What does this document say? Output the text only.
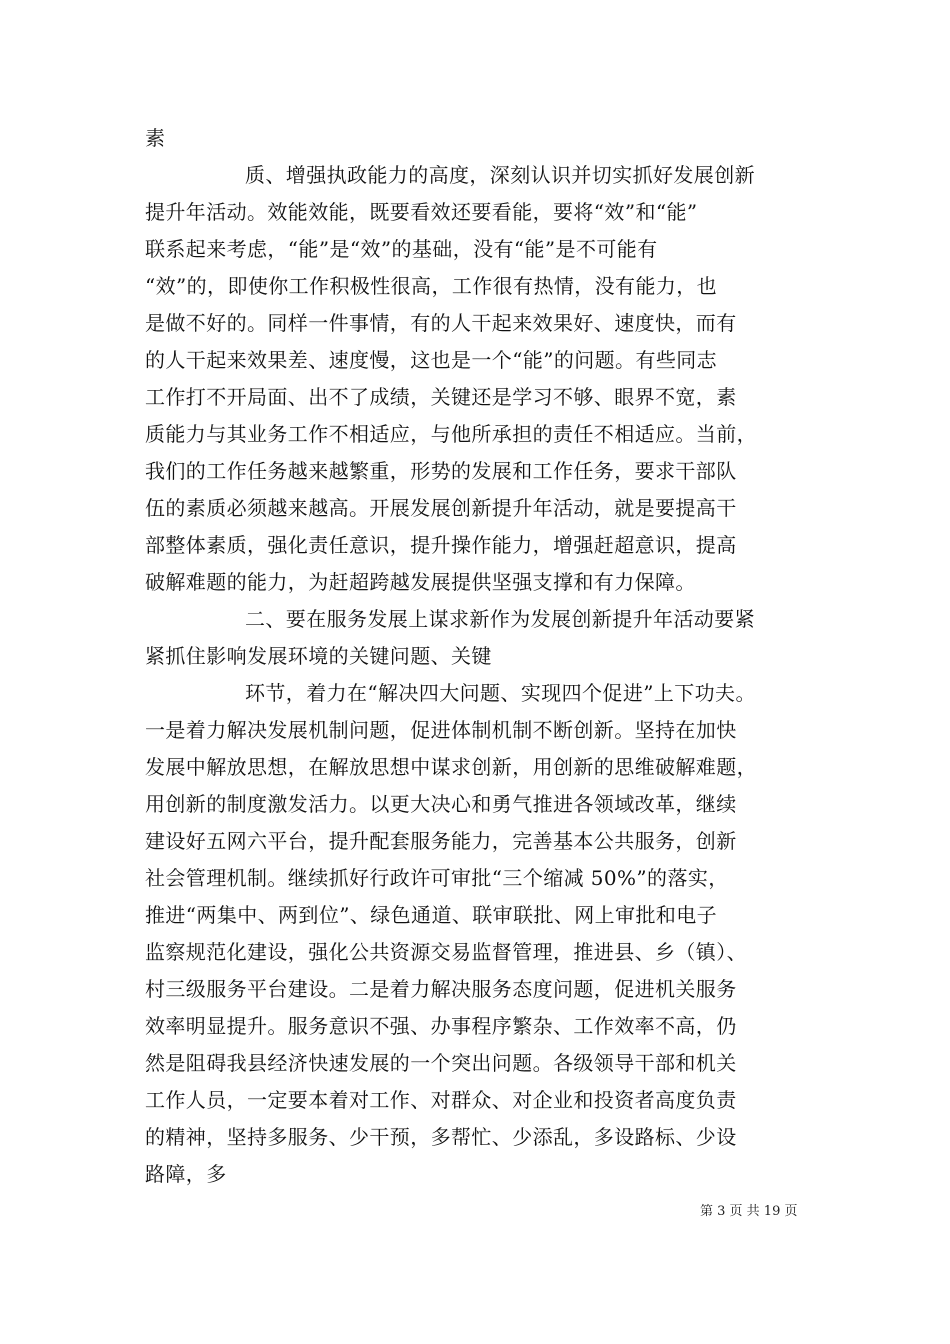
素
质、增强执政能力的高度，深刻认识并切实抓好发展创新
提升年活动。效能效能，既要看效还要看能，要将“效”和“能”
联系起来考虑，“能”是“效”的基础，没有“能”是不可能有
“效”的，即使你工作积极性很高，工作很有热情，没有能力，也
是做不好的。同样一件事情，有的人干起来效果好、速度快，而有
的人干起来效果差、速度慢，这也是一个“能”的问题。有些同志
工作打不开局面、出不了成绩，关键还是学习不够、眼界不宽，素
质能力与其业务工作不相适应，与他所承担的责任不相适应。当前，
我们的工作任务越来越繁重，形势的发展和工作任务，要求干部队
伍的素质必须越来越高。开展发展创新提升年活动，就是要提高干
部整体素质，强化责任意识，提升操作能力，增强赶超意识，提高
破解难题的能力，为赶超跨越发展提供坚强支撑和有力保障。
二、要在服务发展上谋求新作为发展创新提升年活动要紧
紧抓住影响发展环境的关键问题、关键
环节，着力在“解决四大问题、实现四个促进”上下功夫。
一是着力解决发展机制问题，促进体制机制不断创新。坚持在加快
发展中解放思想，在解放思想中谋求创新，用创新的思维破解难题，
用创新的制度激发活力。以更大决心和勇气推进各领域改革，继续
建设好五网六平台，提升配套服务能力，完善基本公共服务，创新
社会管理机制。继续抓好行政许可审批“三个缩减 50%”的落实，
推进“两集中、两到位”、绿色通道、联审联批、网上审批和电子
监察规范化建设，强化公共资源交易监督管理，推进县、乡（镇）、
村三级服务平台建设。二是着力解决服务态度问题，促进机关服务
效率明显提升。服务意识不强、办事程序繁杂、工作效率不高，仍
然是阻碍我县经济快速发展的一个突出问题。各级领导干部和机关
工作人员，一定要本着对工作、对群众、对企业和投资者高度负责
的精神，坚持多服务、少干预，多帮忙、少添乱，多设路标、少设
路障，多
第 3 页 共 19 页
